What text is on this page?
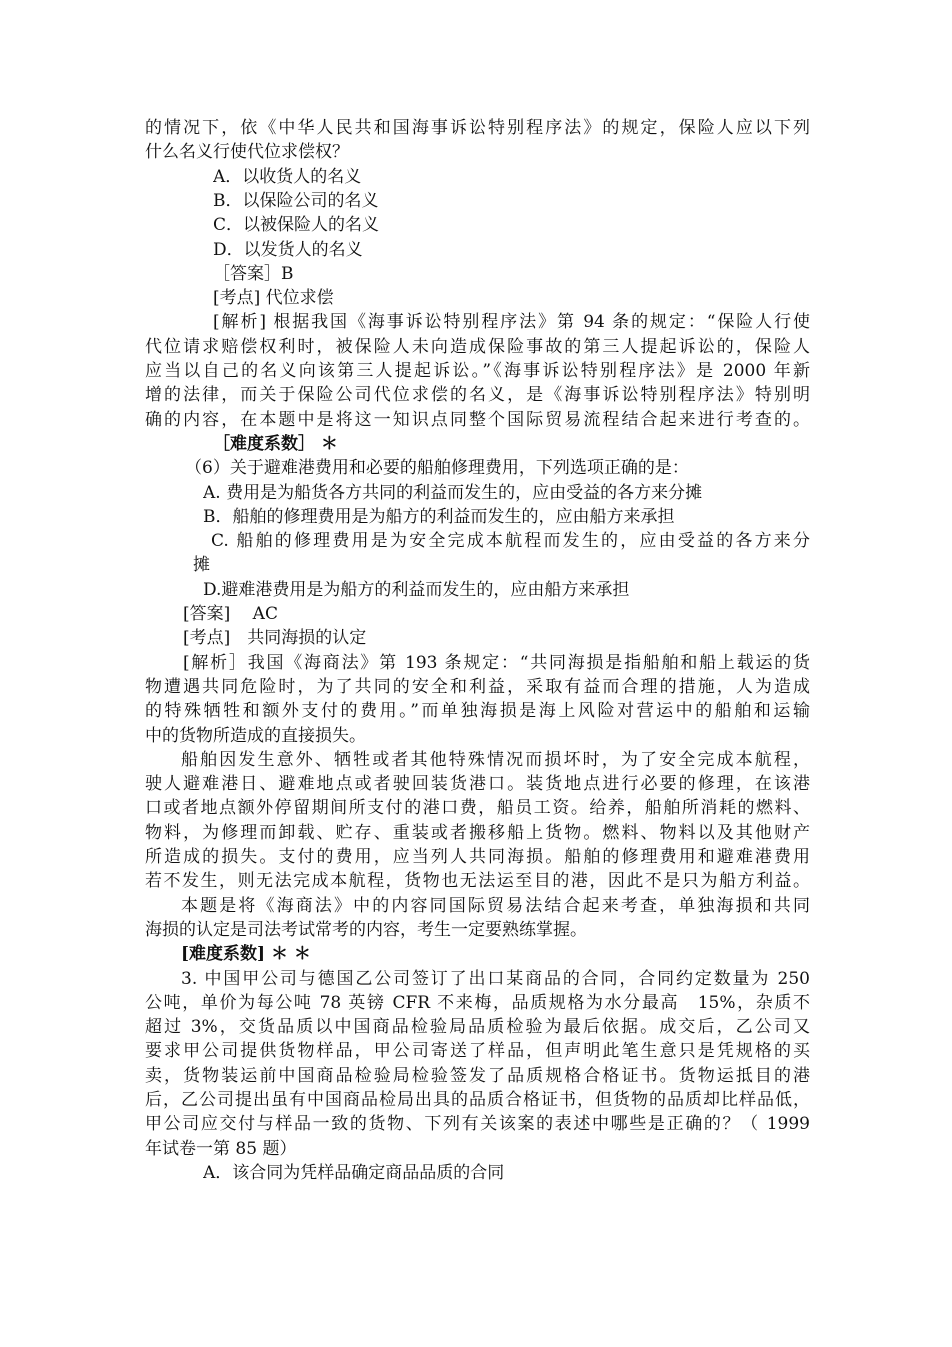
的情况下，依《中华人民共和国海事诉讼特别程序法》的规定，保险人应以下列
什么名义行使代位求偿权？
A．以收货人的名义
B．以保险公司的名义
C．以被保险人的名义
D．以发货人的名义
［答案］B
[考点] 代位求偿
[解析] 根据我国《海事诉讼特别程序法》第 94 条的规定：“保险人行使
代位请求赔偿权利时，被保险人未向造成保险事故的第三人提起诉讼的，保险人
应当以自己的名义向该第三人提起诉讼。”《海事诉讼特别程序法》是 2000 年新
增的法律，而关于保险公司代位求偿的名义，是《海事诉讼特别程序法》特别明
确的内容，在本题中是将这一知识点同整个国际贸易流程结合起来进行考查的。
［难度系数］ ＊
（6）关于避难港费用和必要的船舶修理费用，下列选项正确的是：
A. 费用是为船货各方共同的利益而发生的，应由受益的各方来分摊
B．船舶的修理费用是为船方的利益而发生的，应由船方来承担
C. 船舶的修理费用是为安全完成本航程而发生的，应由受益的各方来分
摊
D.避难港费用是为船方的利益而发生的，应由船方来承担
[答案]　 AC
[考点]　共同海损的认定
[解析］我国《海商法》第 193 条规定：“共同海损是指船舶和船上载运的货
物遭遇共同危险时，为了共同的安全和利益，采取有益而合理的措施，人为造成
的特殊牺牲和额外支付的费用。”而单独海损是海上风险对营运中的船舶和运输
中的货物所造成的直接损失。
船舶因发生意外、牺牲或者其他特殊情况而损坏时，为了安全完成本航程，
驶人避难港日、避难地点或者驶回装货港口。装货地点进行必要的修理，在该港
口或者地点额外停留期间所支付的港口费，船员工资。给养，船舶所消耗的燃料、
物料，为修理而卸载、贮存、重装或者搬移船上货物。燃料、物料以及其他财产
所造成的损失。支付的费用，应当列人共同海损。船舶的修理费用和避难港费用
若不发生，则无法完成本航程，货物也无法运至目的港，因此不是只为船方利益。
本题是将《海商法》中的内容同国际贸易法结合起来考查，单独海损和共同
海损的认定是司法考试常考的内容，考生一定要熟练掌握。
[难度系数] ＊ ＊
3. 中国甲公司与德国乙公司签订了出口某商品的合同，合同约定数量为 250
公吨，单价为每公吨 78 英镑 CFR 不来梅，品质规格为水分最高　15%，杂质不
超过 3%，交货品质以中国商品检验局品质检验为最后依据。成交后，乙公司又
要求甲公司提供货物样品，甲公司寄送了样品，但声明此笔生意只是凭规格的买
卖，货物装运前中国商品检验局检验签发了品质规格合格证书。货物运抵目的港
后，乙公司提出虽有中国商品检局出具的品质合格证书，但货物的品质却比样品低，
甲公司应交付与样品一致的货物、下列有关该案的表述中哪些是正确的？（ 1999
年试卷一第 85 题）
A．该合同为凭样品确定商品品质的合同
